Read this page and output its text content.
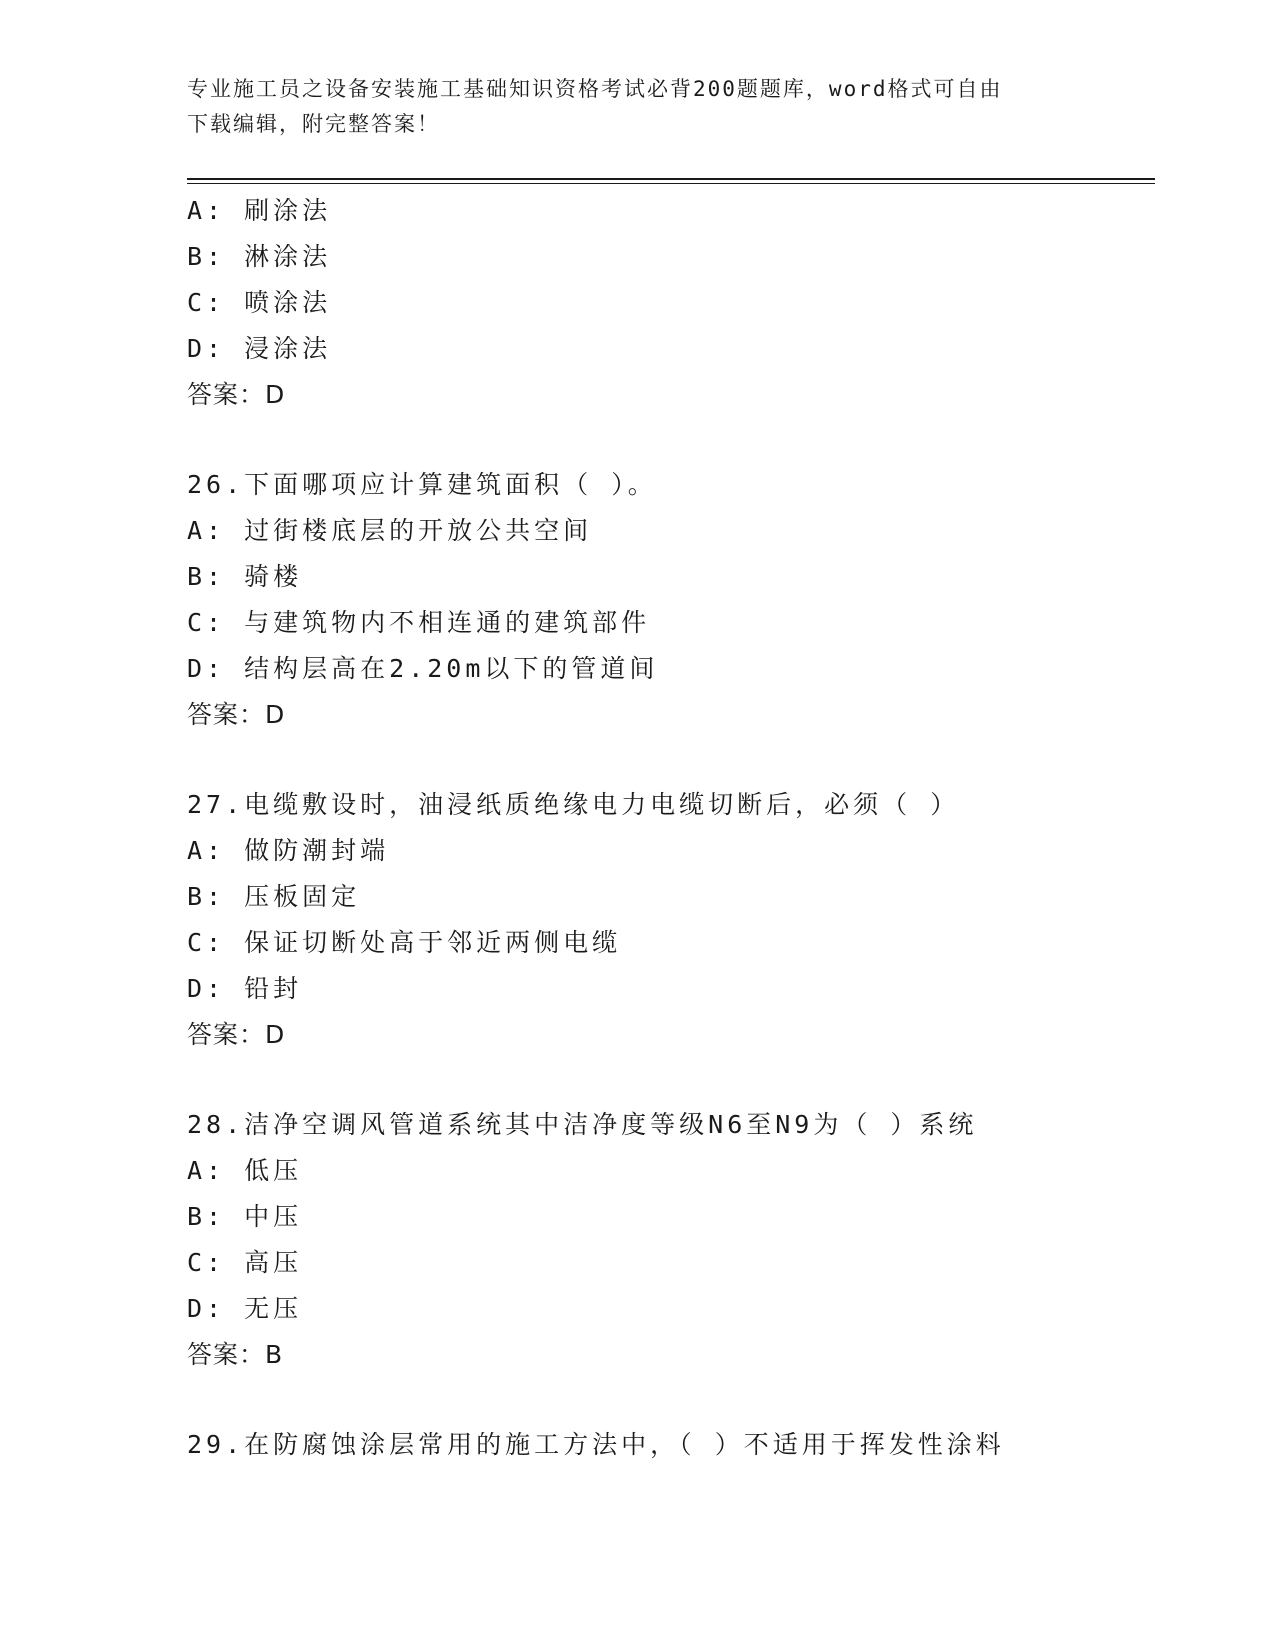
专业施工员之设备安装施工基础知识资格考试必背200题题库，word格式可自由
下载编辑，附完整答案！
A: 刷涂法
B: 淋涂法
C: 喷涂法
D: 浸涂法
答案：D
26.下面哪项应计算建筑面积（ ）。
A: 过街楼底层的开放公共空间
B: 骑楼
C: 与建筑物内不相连通的建筑部件
D: 结构层高在2.20m以下的管道间
答案：D
27.电缆敷设时，油浸纸质绝缘电力电缆切断后，必须（ ）
A: 做防潮封端
B: 压板固定
C: 保证切断处高于邻近两侧电缆
D: 铅封
答案：D
28.洁净空调风管道系统其中洁净度等级N6至N9为（ ）系统
A: 低压
B: 中压
C: 高压
D: 无压
答案：B
29.在防腐蚀涂层常用的施工方法中，（ ）不适用于挥发性涂料
